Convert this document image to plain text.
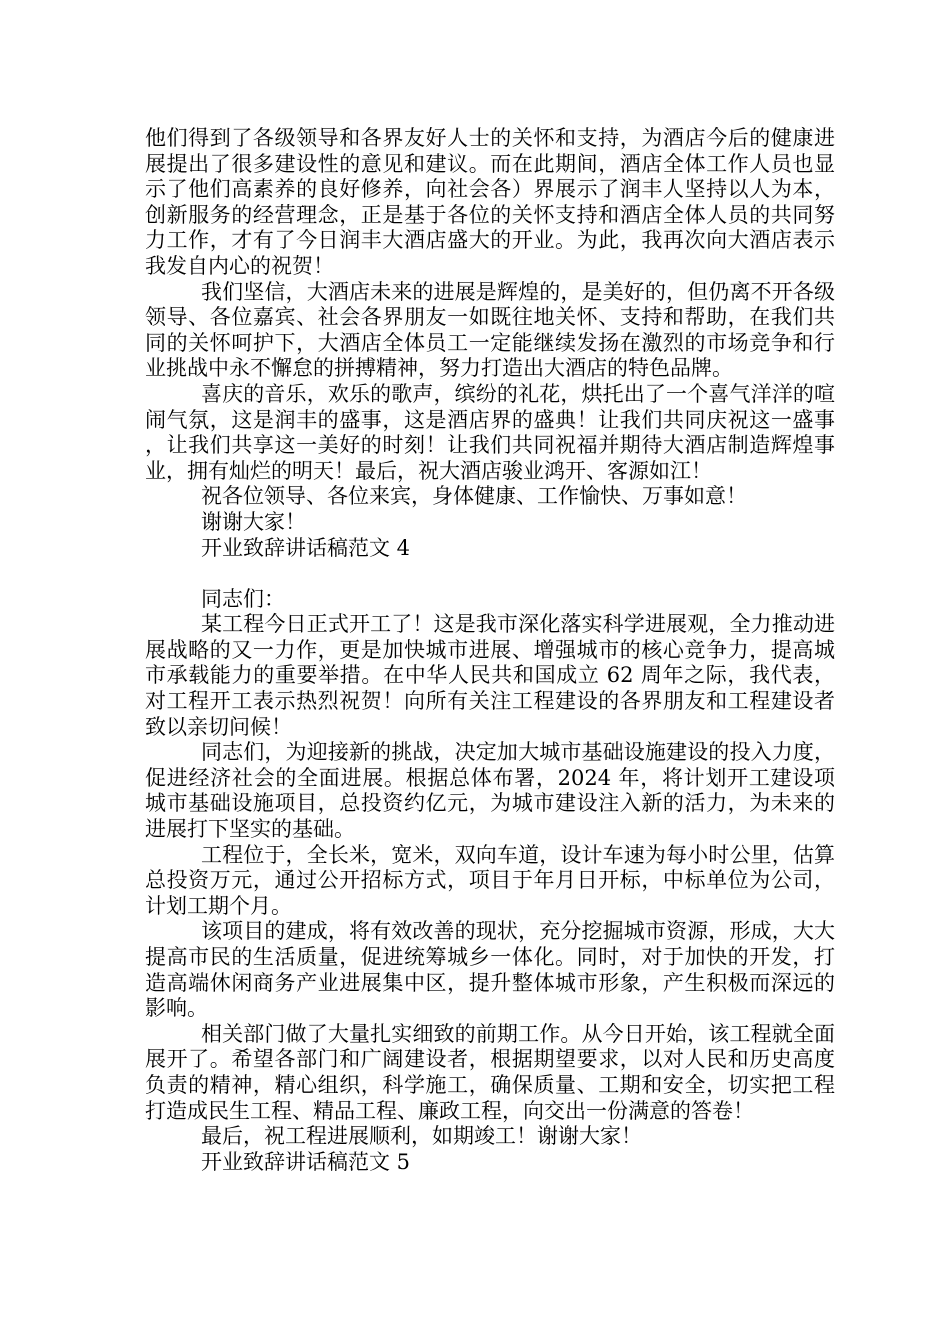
他们得到了各级领导和各界友好人士的关怀和支持，为酒店今后的健康进展提出了很多建设性的意见和建议。而在此期间，酒店全体工作人员也显示了他们高素养的良好修养，向社会各）界展示了润丰人坚持以人为本，创新服务的经营理念，正是基于各位的关怀支持和酒店全体人员的共同努力工作，才有了今日润丰大酒店盛大的开业。为此，我再次向大酒店表示我发自内心的祝贺！

我们坚信，大酒店未来的进展是辉煌的，是美好的，但仍离不开各级领导、各位嘉宾、社会各界朋友一如既往地关怀、支持和帮助，在我们共同的关怀呵护下，大酒店全体员工一定能继续发扬在激烈的市场竞争和行业挑战中永不懈怠的拼搏精神，努力打造出大酒店的特色品牌。

喜庆的音乐，欢乐的歌声，缤纷的礼花，烘托出了一个喜气洋洋的喧闹气氛，这是润丰的盛事，这是酒店界的盛典！让我们共同庆祝这一盛事，让我们共享这一美好的时刻！让我们共同祝福并期待大酒店制造辉煌事业，拥有灿烂的明天！最后，祝大酒店骏业鸿开、客源如江！

祝各位领导、各位来宾，身体健康、工作愉快、万事如意！

谢谢大家！

开业致辞讲话稿范文 4

同志们：

某工程今日正式开工了！这是我市深化落实科学进展观，全力推动进展战略的又一力作，更是加快城市进展、增强城市的核心竞争力，提高城市承载能力的重要举措。在中华人民共和国成立 62 周年之际，我代表，对工程开工表示热烈祝贺！向所有关注工程建设的各界朋友和工程建设者致以亲切问候！

同志们，为迎接新的挑战，决定加大城市基础设施建设的投入力度，促进经济社会的全面进展。根据总体布署，2024 年，将计划开工建设项城市基础设施项目，总投资约亿元，为城市建设注入新的活力，为未来的进展打下坚实的基础。

工程位于，全长米，宽米，双向车道，设计车速为每小时公里，估算总投资万元，通过公开招标方式，项目于年月日开标，中标单位为公司，计划工期个月。

该项目的建成，将有效改善的现状，充分挖掘城市资源，形成，大大提高市民的生活质量，促进统筹城乡一体化。同时，对于加快的开发，打造高端休闲商务产业进展集中区，提升整体城市形象，产生积极而深远的影响。

相关部门做了大量扎实细致的前期工作。从今日开始，该工程就全面展开了。希望各部门和广阔建设者，根据期望要求，以对人民和历史高度负责的精神，精心组织，科学施工，确保质量、工期和安全，切实把工程打造成民生工程、精品工程、廉政工程，向交出一份满意的答卷！

最后，祝工程进展顺利，如期竣工！谢谢大家！

开业致辞讲话稿范文 5
